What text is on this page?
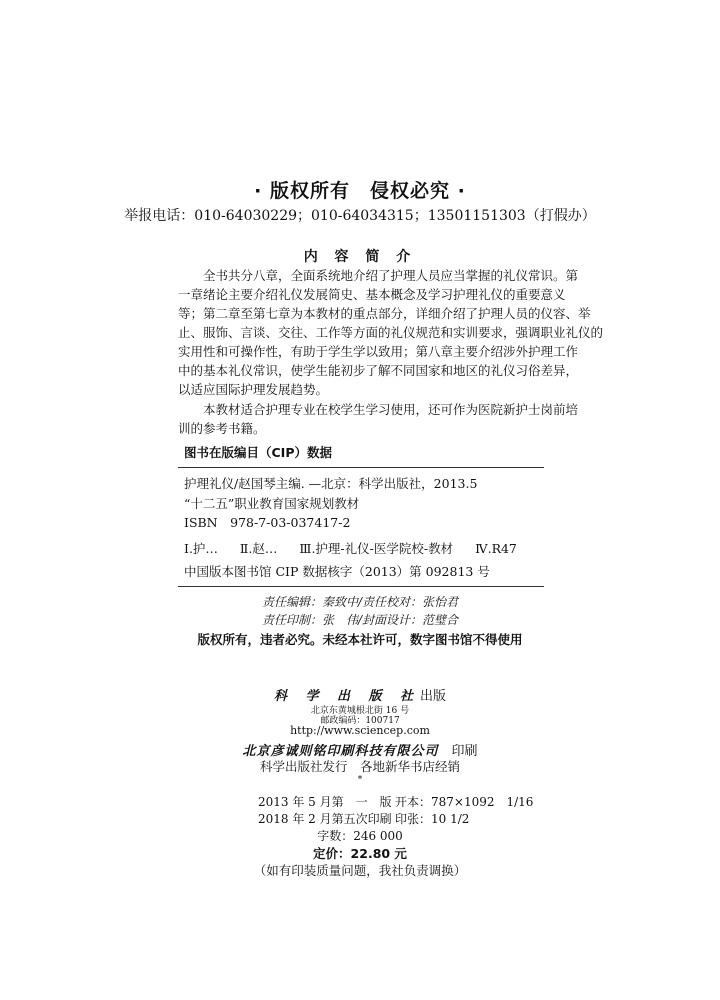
· 版权所有　侵权必究 ·
举报电话：010-64030229；010-64034315；13501151303（打假办）
内 容 简 介

　　全书共分八章，全面系统地介绍了护理人员应当掌握的礼仪常识。第

一章绪论主要介绍礼仪发展简史、基本概念及学习护理礼仪的重要意义

等；第二章至第七章为本教材的重点部分，详细介绍了护理人员的仪容、举

止、服饰、言谈、交往、工作等方面的礼仪规范和实训要求，强调职业礼仪的

实用性和可操作性，有助于学生学以致用；第八章主要介绍涉外护理工作

中的基本礼仪常识，使学生能初步了解不同国家和地区的礼仪习俗差异，

以适应国际护理发展趋势。

　　本教材适合护理专业在校学生学习使用，还可作为医院新护士岗前培

训的参考书籍。

图书在版编目（CIP）数据
护理礼仪/赵国琴主编. —北京：科学出版社，2013.5
“十二五”职业教育国家规划教材
ISBN　978-7-03-037417-2
Ⅰ.护… Ⅱ.赵… Ⅲ.护理-礼仪-医学院校-教材 Ⅳ.R47
中国版本图书馆 CIP 数据核字（2013）第 092813 号
责任编辑：秦致中/责任校对：张怡君
责任印制：张　伟/封面设计：范璧合
版权所有，违者必究。未经本社许可，数字图书馆不得使用
科 学 出 版 社出版
北京东黄城根北街 16 号
邮政编码：100717
http://www.sciencep.com
北京彦诚则铭印刷科技有限公司　 印刷
科学出版社发行　各地新华书店经销
*
2013 年 5 月第　一　版 开本：787×1092　1/16
2018 年 2 月第五次印刷 印张：10 1/2
字数：246 000
定价：22.80 元
（如有印装质量问题，我社负责调换）
